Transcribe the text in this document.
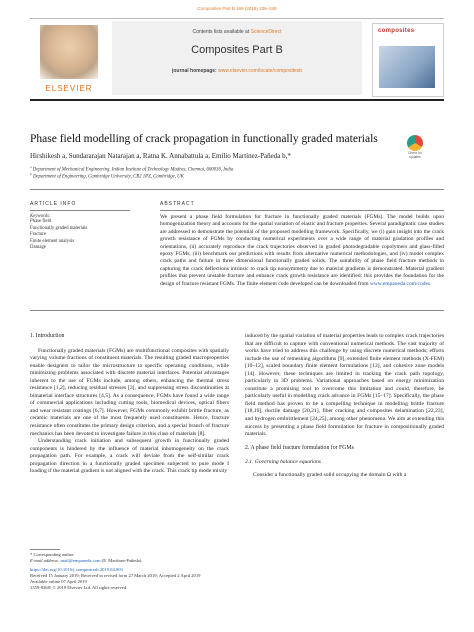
Composites Part B 169 (2019) 239–248
ELSEVIER
Contents lists available at ScienceDirect
Composites Part B
journal homepage: www.elsevier.com/locate/compositesb
composites
Phase field modelling of crack propagation in functionally graded materials
Check for updates
Hirshikesh a, Sundararajan Natarajan a, Ratna K. Annabattula a, Emilio Martínez-Pañeda b,*
$^a$ Department of Mechanical Engineering, Indian Institute of Technology Madras, Chennai, 600036, India
$^b$ Department of Engineering, Cambridge University, CB2 1PZ, Cambridge, UK
ARTICLE INFO	ABSTRACT
Keywords:
Phase field
Functionally graded materials
Fracture
Finite element analysis
Damage
We present a phase field formulation for fracture in functionally graded materials (FGMs). The model builds upon homogenization theory and accounts for the spatial variation of elastic and fracture properties. Several paradigmatic case studies are addressed to demonstrate the potential of the proposed modelling framework. Specifically, we (i) gain insight into the crack growth resistance of FGMs by conducting numerical experiments over a wide range of material gradation profiles and orientations, (ii) accurately reproduce the crack trajectories observed in graded photodegradable copolymers and glass-filled epoxy FGMs, (iii) benchmark our predictions with results from alternative numerical methodologies, and (iv) model complex crack paths and failure in three dimensional functionally graded solids. The suitability of phase field fracture methods in capturing the crack deflections intrinsic to crack tip nonsymmetry due to material gradients is demonstrated. Material gradient profiles that prevent unstable fracture and enhance crack growth resistance are identified: this provides the foundation for the design of fracture resistant FGMs. The finite element code developed can be downloaded from www.empaneda.com/codes.
1. Introduction

Functionally graded materials (FGMs) are multifunctional composites with spatially varying volume fractions of constituent materials. The resulting graded macroproperties enable designers to tailor the microstructure to specific operating conditions, while minimizing problems associated with discrete material interfaces. Potential advantages inherent to the use of FGMs include, among others, enhancing the thermal stress resistance [1,2], reducing residual stresses [3], and suppressing stress discontinuities at bimaterial interface structures [4,5]. As a consequence, FGMs have found a wide range of commercial applications including cutting tools, biomedical devices, optical fibers and wear resistant coatings [6,7]. However, FGMs commonly exhibit brittle fracture, as ceramic materials are one of the most frequently used constituents. Hence, fracture resistance often constitutes the primary design criterion, and a special branch of fracture mechanics has been devoted to investigate failure in this class of materials [8].

Understanding crack initiation and subsequent growth in functionally graded components is hindered by the influence of material inhomogeneity on the crack propagation path. For example, a crack will deviate from the self-similar crack propagation direction in a functionally graded specimen subjected to pure mode I loading if the material gradient is not aligned with the crack. This crack tip mode mixity

induced by the spatial variation of material properties leads to complex crack trajectories that are difficult to capture with conventional numerical methods. The vast majority of works have tried to address this challenge by using discrete numerical methods; efforts include the use of remeshing algorithms [9], extended finite element methods (X-FEM) [10–12], scaled boundary finite element formulations [13], and cohesive zone models [14]. However, these techniques are limited in tracking the crack path topology, particularly in 3D problems. Variational approaches based on energy minimization constitute a promising tool to overcome this limitation and could, therefore, be particularly useful in modelling crack advance in FGMs [15–17]. Specifically, the phase field method has proven to be a compelling technique in modelling brittle fracture [18,19], ductile damage [20,21], fiber cracking and composites delamination [22,23], and hydrogen embrittlement [24,25], among other phenomena. We aim at extending this success by presenting a phase field formulation for fracture in compositionally graded materials.

2. A phase field fracture formulation for FGMs
2.1. Governing balance equations

Consider a functionally graded solid occupying the domain Ω with a

* Corresponding author.
E-mail address: mail@empaneda.com (E. Martínez-Pañeda).
https://doi.org/10.1016/j.compositesb.2019.04.003
Received 15 January 2019; Received in revised form 27 March 2019; Accepted 2 April 2019
Available online 07 April 2019
1359-8368/ © 2019 Elsevier Ltd. All rights reserved.
